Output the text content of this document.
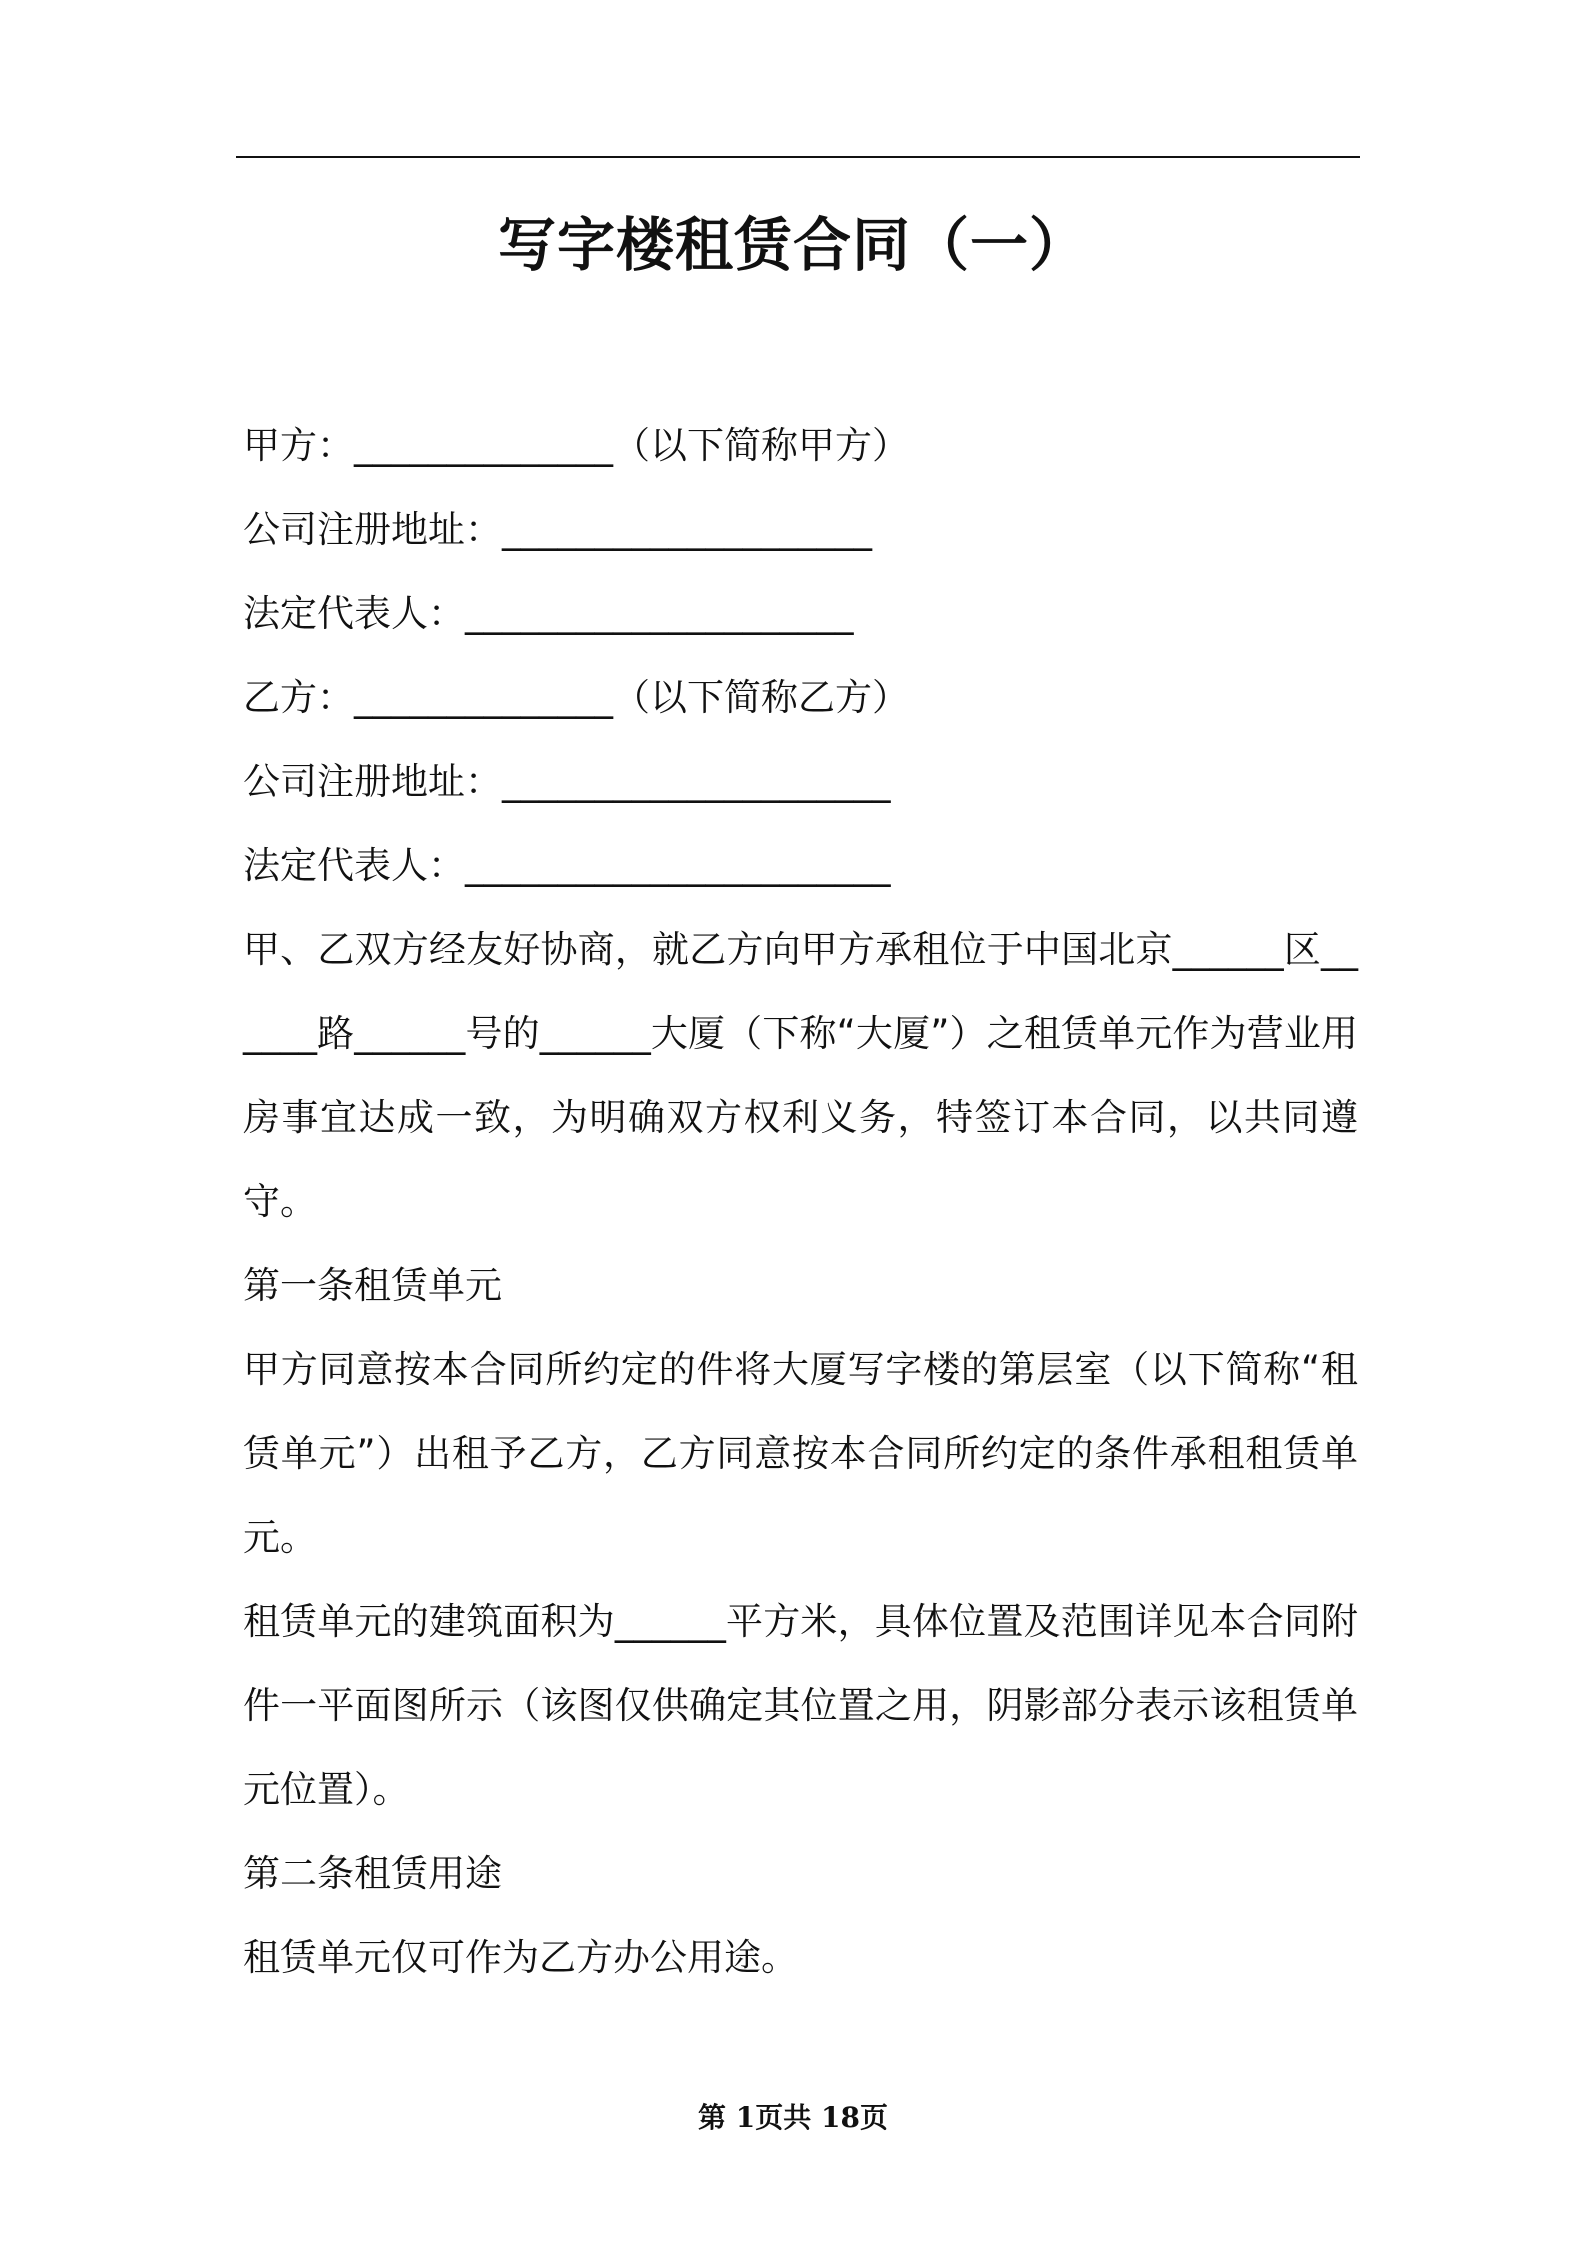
写字楼租赁合同（一）
甲方：______________（以下简称甲方）
公司注册地址：____________________
法定代表人：_____________________
乙方：______________（以下简称乙方）
公司注册地址：_____________________
法定代表人：_______________________
甲、乙双方经友好协商，就乙方向甲方承租位于中国北京______区______路______号的______大厦（下称“大厦”）之租赁单元作为营业用房事宜达成一致，为明确双方权利义务，特签订本合同，以共同遵守。
第一条租赁单元
甲方同意按本合同所约定的件将大厦写字楼的第层室（以下简称“租赁单元”）出租予乙方，乙方同意按本合同所约定的条件承租租赁单元。
租赁单元的建筑面积为______平方米，具体位置及范围详见本合同附件一平面图所示（该图仅供确定其位置之用，阴影部分表示该租赁单元位置）。
第二条租赁用途
租赁单元仅可作为乙方办公用途。
第 1页共 18页
